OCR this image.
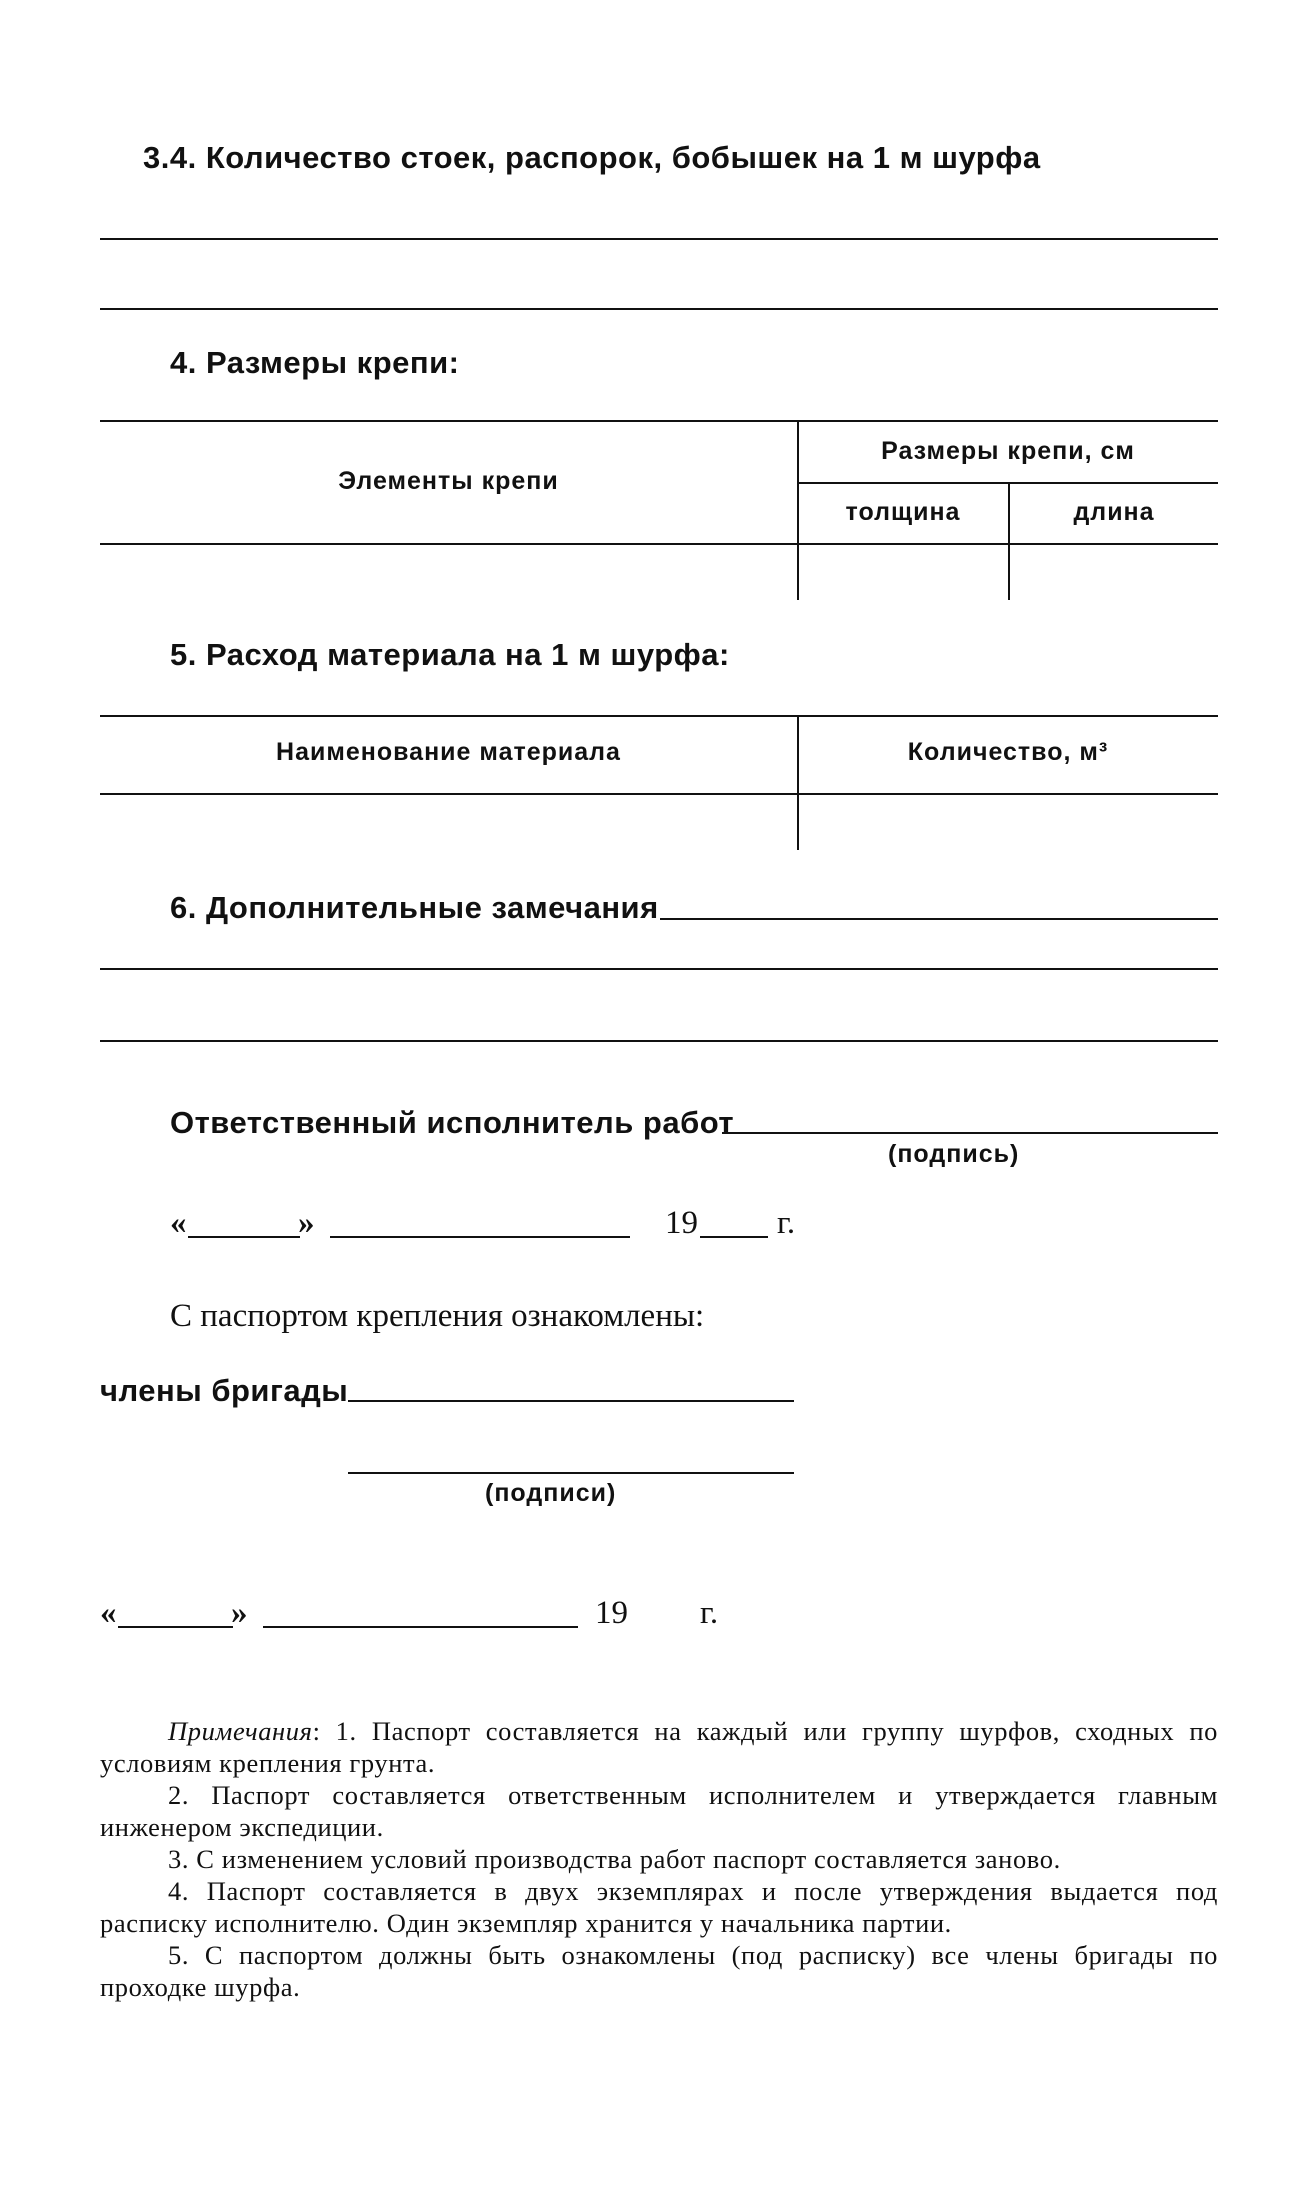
3.4. Количество стоек, распорок, бобышек на 1 м шурфа
4. Размеры крепи:
Элементы крепи
Размеры крепи, см
толщина	длина
5. Расход материала на 1 м шурфа:
Наименование материала	Количество, м³
6. Дополнительные замечания
Ответственный исполнитель работ
(подпись)
«	»	19 г.
С паспортом крепления ознакомлены:
члены бригады
(подписи)
«	»	19 г.

Примечания: 1. Паспорт составляется на каждый или группу шурфов, сходных по условиям крепления грунта.

2. Паспорт составляется ответственным исполнителем и утверждается главным инженером экспедиции.

3. С изменением условий производства работ паспорт составляется заново.

4. Паспорт составляется в двух экземплярах и после утверждения выдается под расписку исполнителю. Один экземпляр хранится у начальника партии.

5. С паспортом должны быть ознакомлены (под расписку) все члены бригады по проходке шурфа.
